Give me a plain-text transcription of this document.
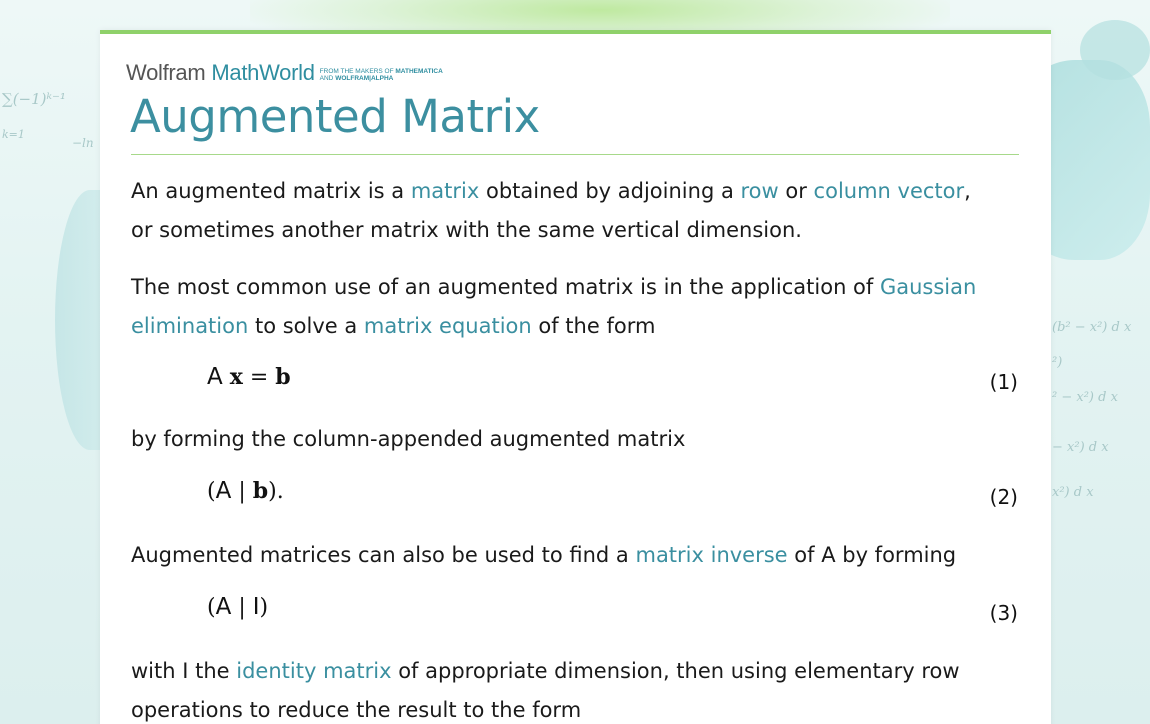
∑(−1)ᵏ⁻¹
k=1
−ln
(b² − x²) d x
²)
² − x²) d x
− x²) d x
x²) d x
Wolfram MathWorld FROM THE MAKERS OF MATHEMATICA
AND WOLFRAM|ALPHA
Augmented Matrix

An augmented matrix is a matrix obtained by adjoining a row or column vector, or sometimes another matrix with the same vertical dimension.

The most common use of an augmented matrix is in the application of Gaussian elimination to solve a matrix equation of the form

A x = b	(1)

by forming the column-appended augmented matrix

(A | b).	(2)

Augmented matrices can also be used to find a matrix inverse of A by forming

(A | I)	(3)

with I the identity matrix of appropriate dimension, then using elementary row operations to reduce the result to the form
